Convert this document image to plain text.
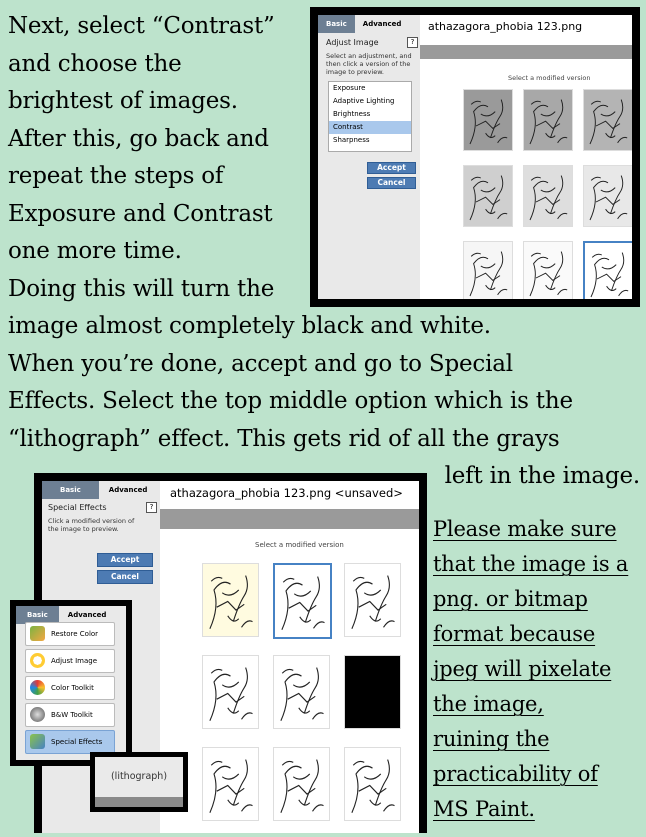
Next, select “Contrast”
and choose the
brightest of images.
After this, go back and
repeat the steps of
Exposure and Contrast
one more time.
Doing this will turn the
image almost completely black and white.
When you’re done, accept and go to Special
Effects. Select the top middle option which is the
“lithograph” effect. This gets rid of all the grays
left in the image.
Please make sure
that the image is a
png. or bitmap
format because
jpeg will pixelate
the image,
ruining the
practicability of
MS Paint.
Basic	Advanced
Adjust Image	?
Select an adjustment, and
then click a version of the
image to preview.
Exposure
Adaptive Lighting
Brightness
Contrast
Sharpness
Accept
Cancel
athazagora_phobia 123.png
Select a modified version
Basic	Advanced
Special Effects	?
Click a modified version of
the image to preview.
Accept
Cancel
athazagora_phobia 123.png <unsaved>
Select a modified version
Basic	Advanced
Restore Color
Adjust Image
Color Toolkit
B&W Toolkit
Special Effects
(lithograph)
